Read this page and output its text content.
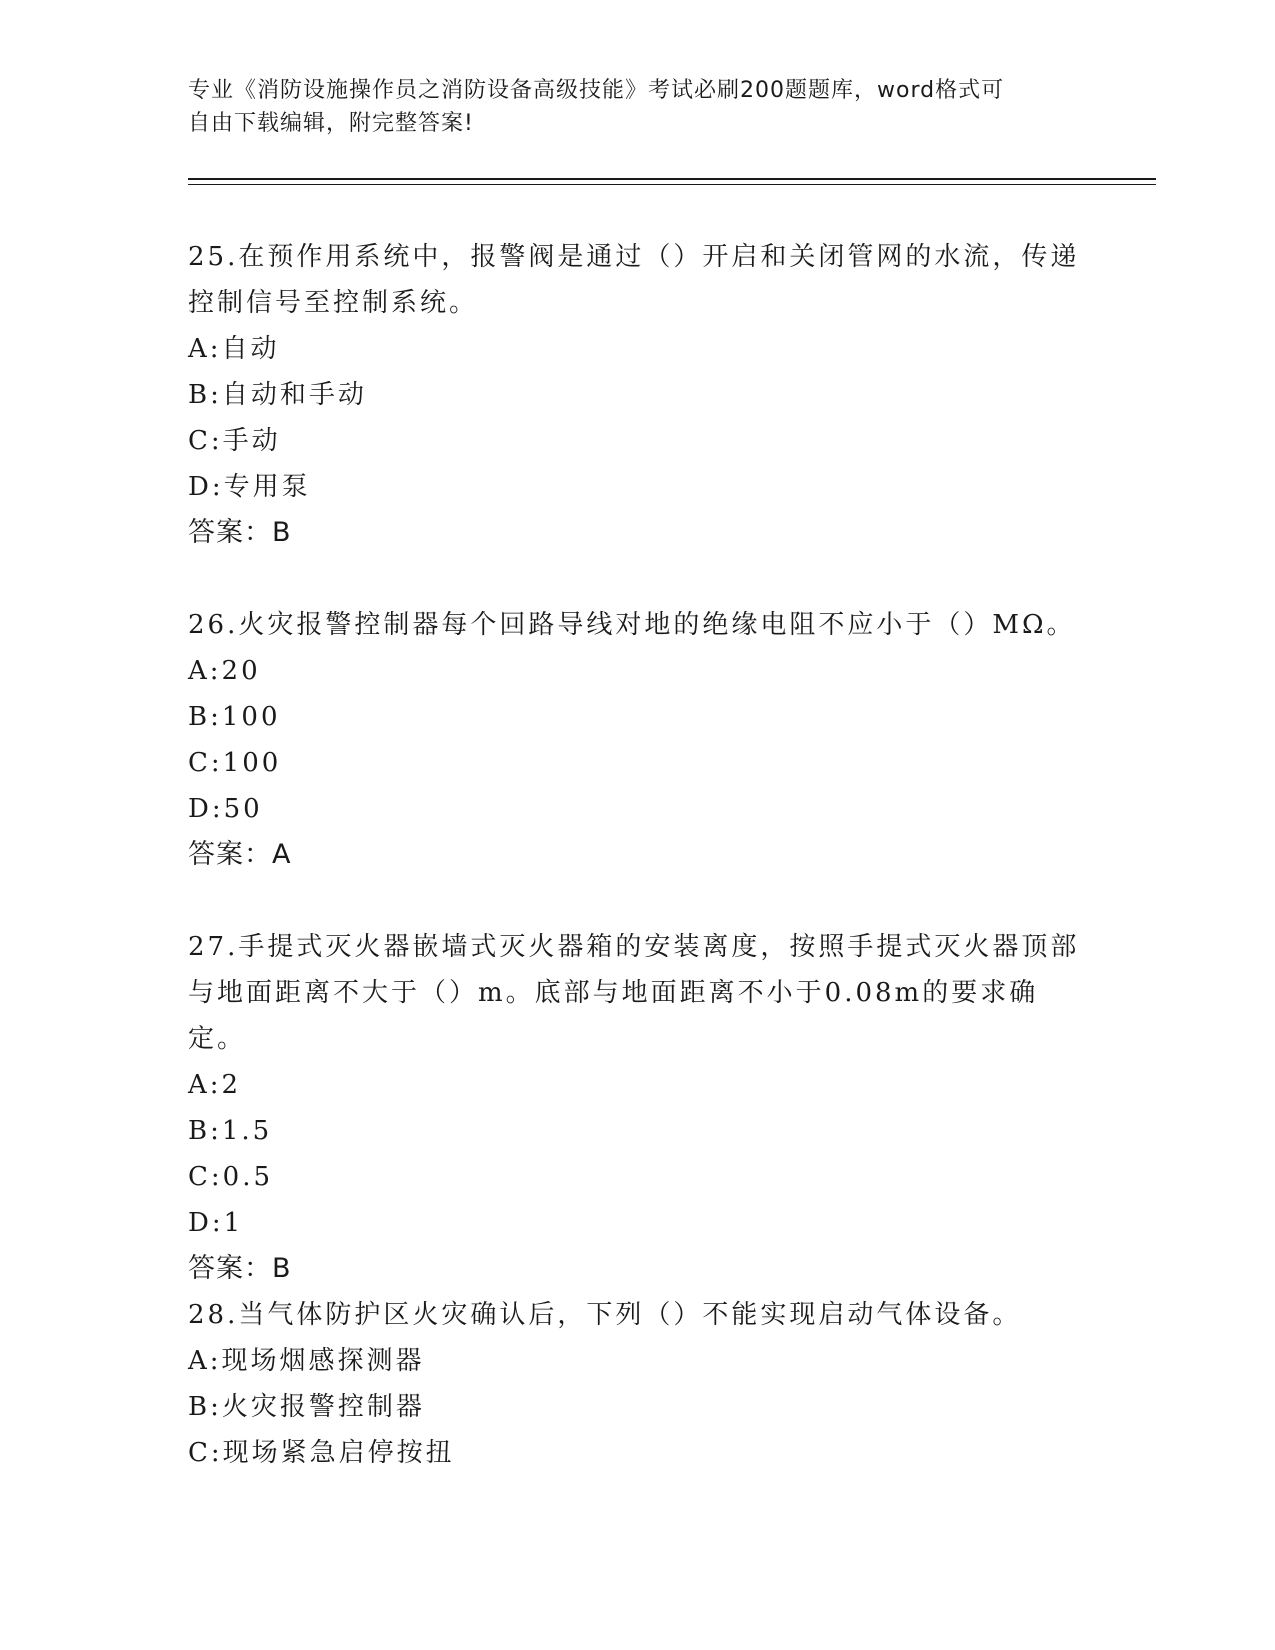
专业《消防设施操作员之消防设备高级技能》考试必刷200题题库，word格式可
自由下载编辑，附完整答案!
25.在预作用系统中，报警阀是通过（）开启和关闭管网的水流，传递控制信号至控制系统。
A:自动
B:自动和手动
C:手动
D:专用泵
答案：B
26.火灾报警控制器每个回路导线对地的绝缘电阻不应小于（）MΩ。
A:20
B:100
C:100
D:50
答案：A
27.手提式灭火器嵌墙式灭火器箱的安装离度，按照手提式灭火器顶部与地面距离不大于（）m。底部与地面距离不小于0.08m的要求确定。
A:2
B:1.5
C:0.5
D:1
答案：B
28.当气体防护区火灾确认后，下列（）不能实现启动气体设备。
A:现场烟感探测器
B:火灾报警控制器
C:现场紧急启停按扭
